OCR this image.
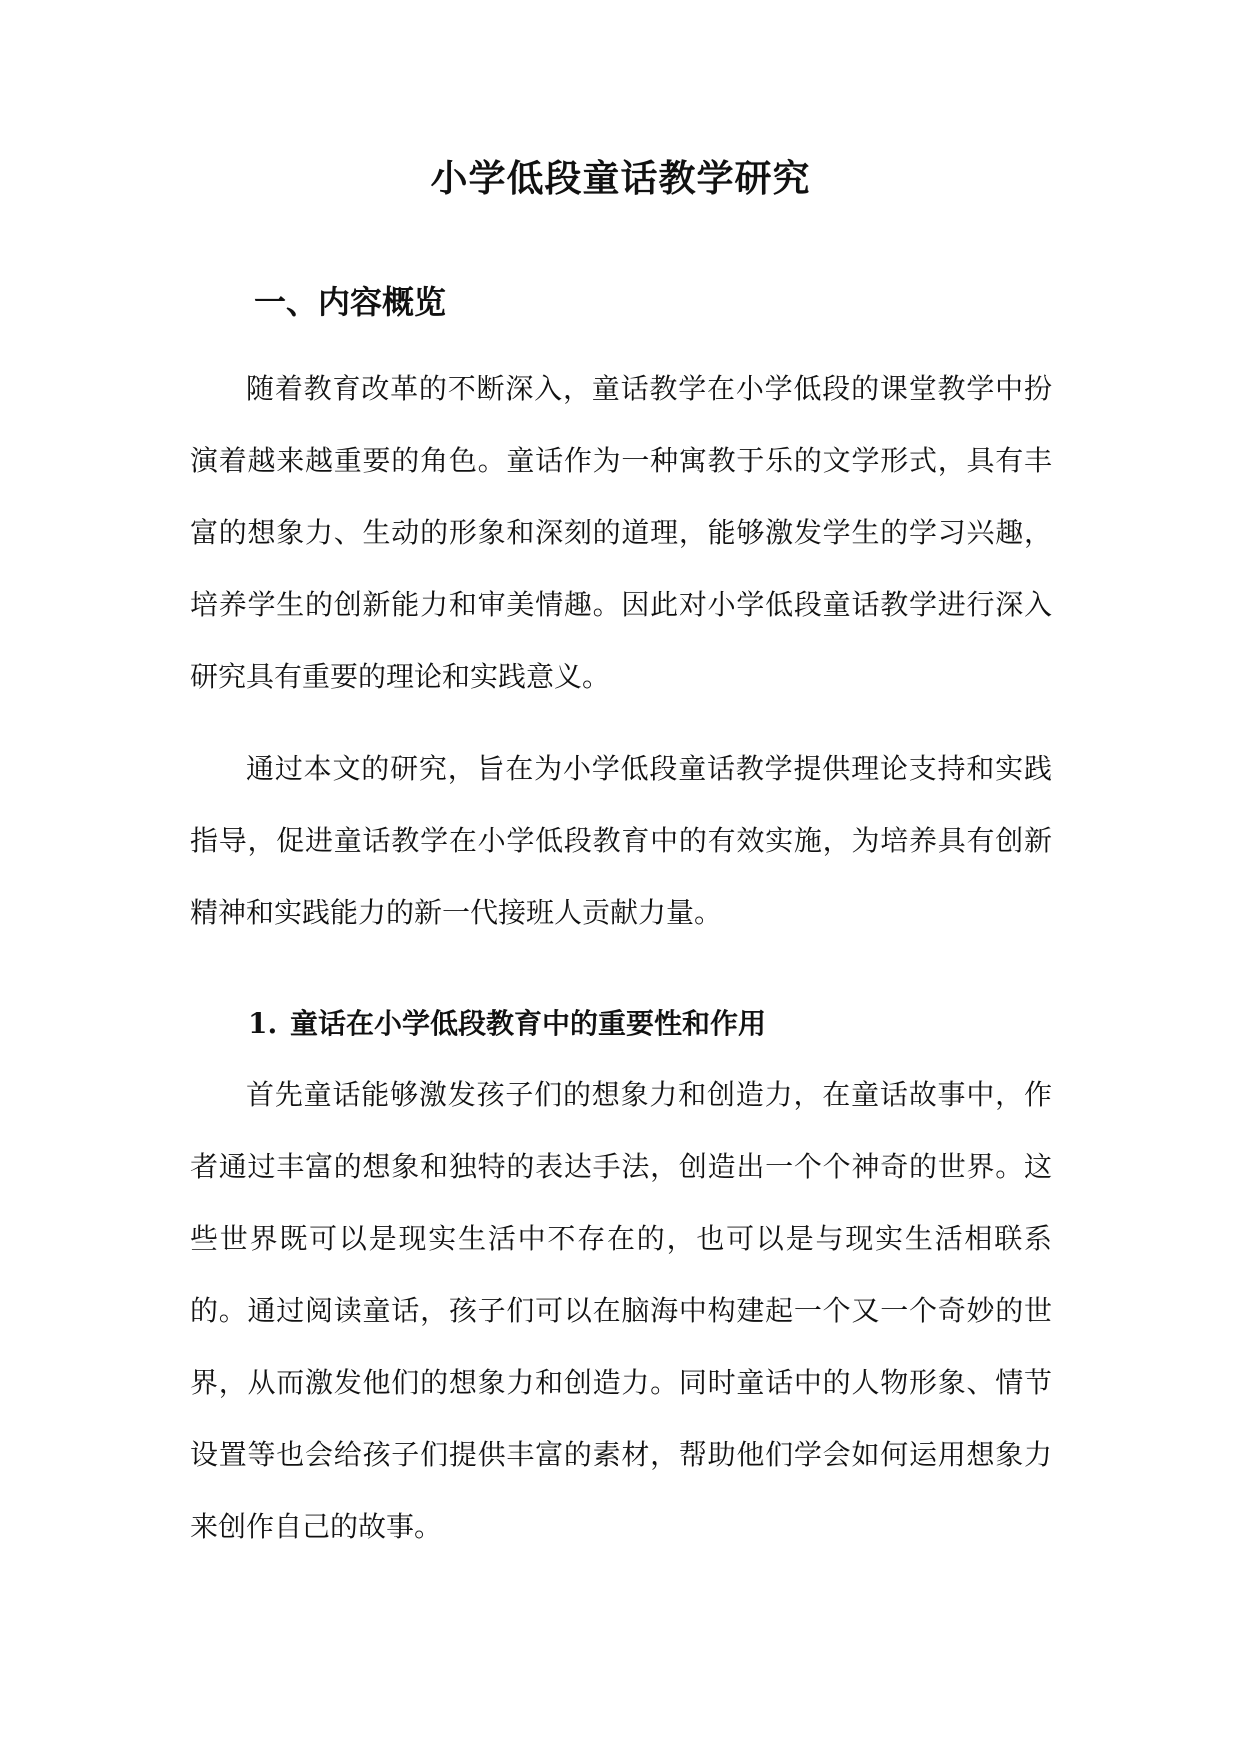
小学低段童话教学研究
一、内容概览
随着教育改革的不断深入，童话教学在小学低段的课堂教学中扮演着越来越重要的角色。童话作为一种寓教于乐的文学形式，具有丰富的想象力、生动的形象和深刻的道理，能够激发学生的学习兴趣，培养学生的创新能力和审美情趣。因此对小学低段童话教学进行深入研究具有重要的理论和实践意义。
通过本文的研究，旨在为小学低段童话教学提供理论支持和实践指导，促进童话教学在小学低段教育中的有效实施，为培养具有创新精神和实践能力的新一代接班人贡献力量。
1. 童话在小学低段教育中的重要性和作用
首先童话能够激发孩子们的想象力和创造力，在童话故事中，作者通过丰富的想象和独特的表达手法，创造出一个个神奇的世界。这些世界既可以是现实生活中不存在的，也可以是与现实生活相联系的。通过阅读童话，孩子们可以在脑海中构建起一个又一个奇妙的世界，从而激发他们的想象力和创造力。同时童话中的人物形象、情节设置等也会给孩子们提供丰富的素材，帮助他们学会如何运用想象力来创作自己的故事。
